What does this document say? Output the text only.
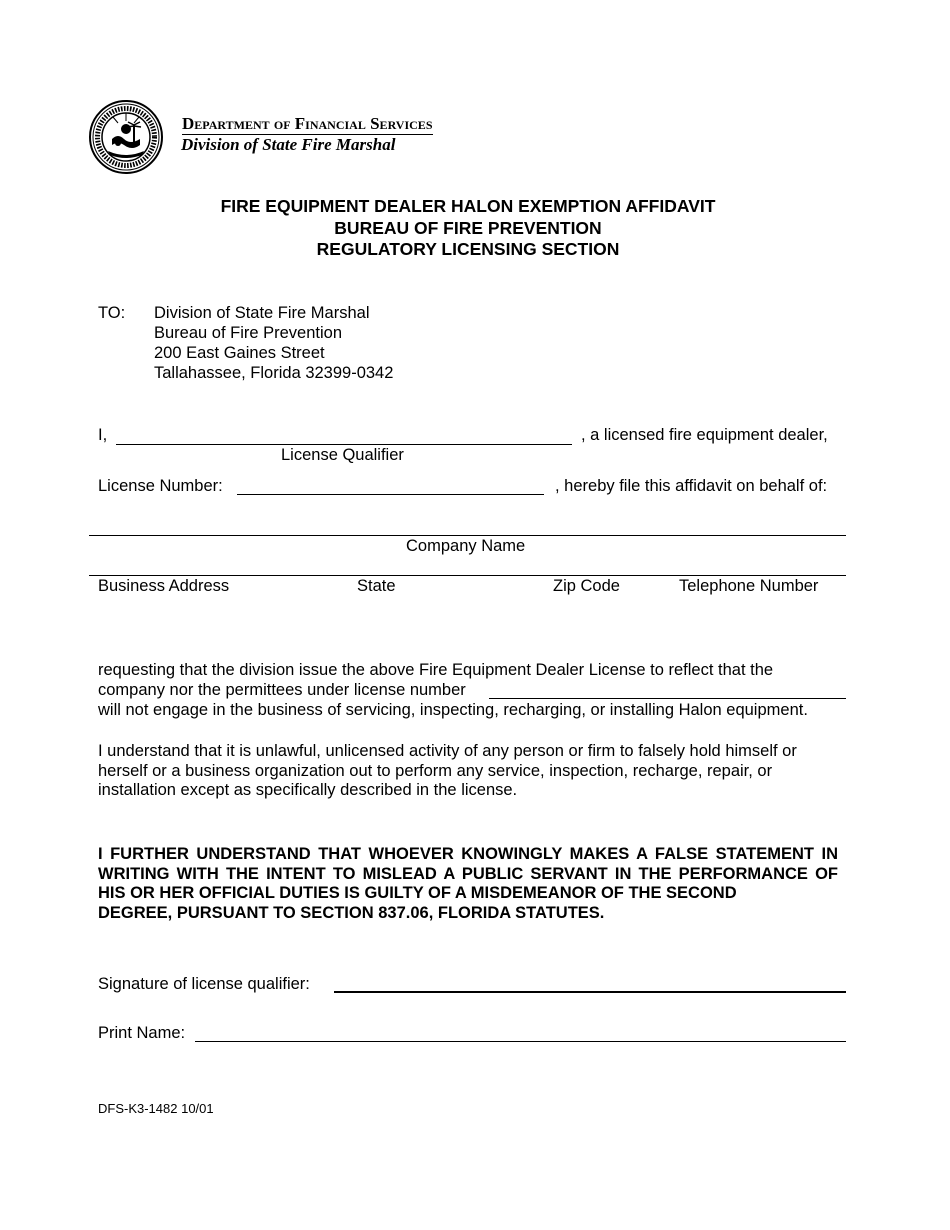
Department of Financial Services
Division of State Fire Marshal
FIRE EQUIPMENT DEALER HALON EXEMPTION AFFIDAVIT
BUREAU OF FIRE PREVENTION
REGULATORY LICENSING SECTION
TO: Division of State Fire Marshal
Bureau of Fire Prevention
200 East Gaines Street
Tallahassee, Florida 32399-0342
I,	, a licensed fire equipment dealer,
License Qualifier
License Number:	, hereby file this affidavit on behalf of:
Company Name
Business Address	State	Zip Code	Telephone Number
requesting that the division issue the above Fire Equipment Dealer License to reflect that the
company nor the permittees under license number
will not engage in the business of servicing, inspecting, recharging, or installing Halon equipment.
I understand that it is unlawful, unlicensed activity of any person or firm to falsely hold himself or
herself or a business organization out to perform any service, inspection, recharge, repair, or
installation except as specifically described in the license.
I FURTHER UNDERSTAND THAT WHOEVER KNOWINGLY MAKES A FALSE STATEMENT IN WRITING WITH THE INTENT TO MISLEAD A PUBLIC SERVANT IN THE PERFORMANCE OF HIS OR HER OFFICIAL DUTIES IS GUILTY OF A MISDEMEANOR OF THE SECOND
DEGREE, PURSUANT TO SECTION 837.06, FLORIDA STATUTES.
Signature of license qualifier:
Print Name:
DFS-K3-1482 10/01
